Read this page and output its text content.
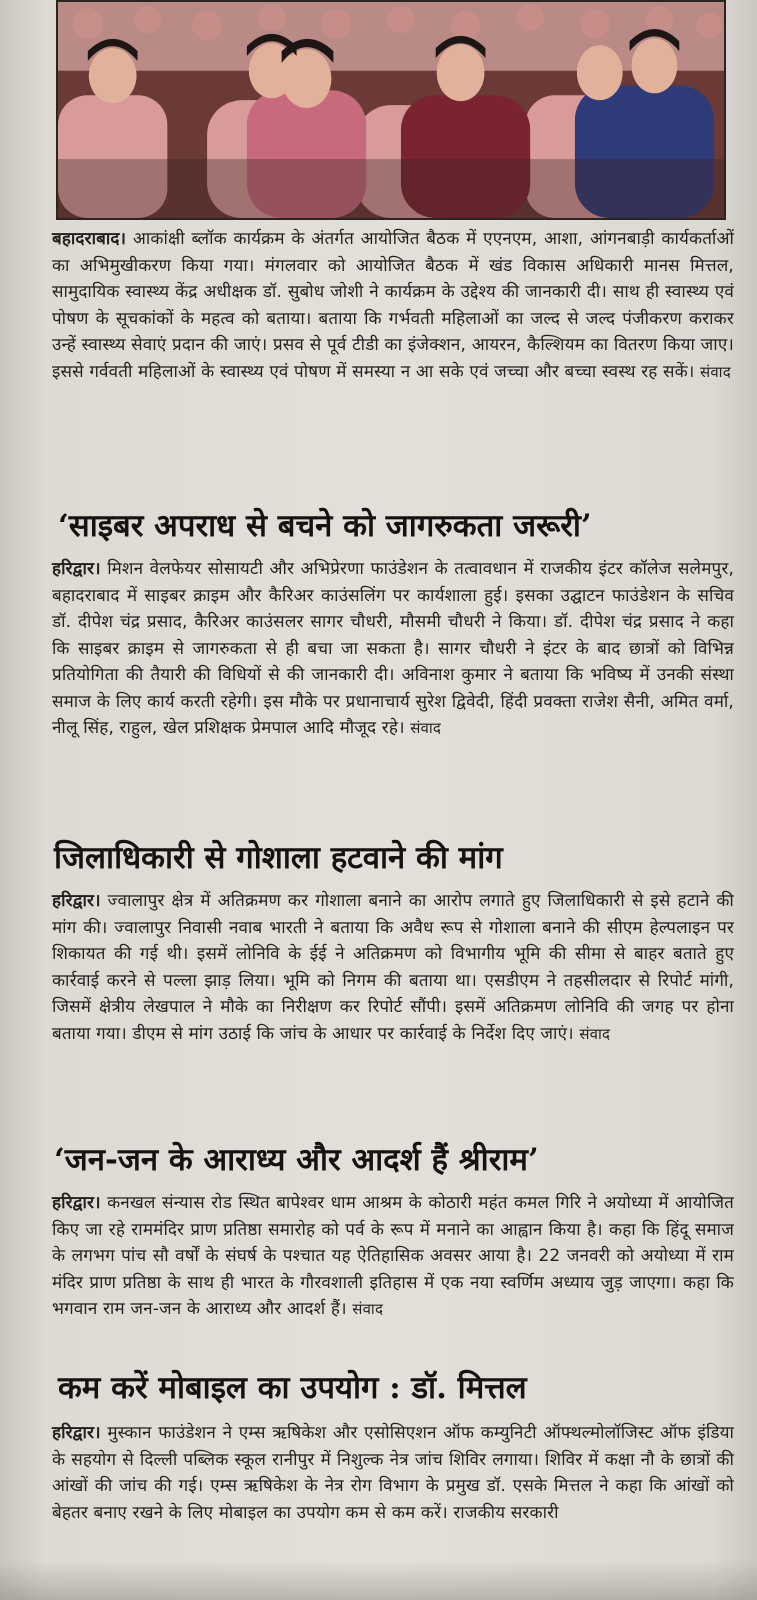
बहादराबाद। आकांक्षी ब्लॉक कार्यक्रम के अंतर्गत आयोजित बैठक में एएनएम, आशा, आंगनबाड़ी कार्यकर्ताओं का अभिमुखीकरण किया गया। मंगलवार को आयोजित बैठक में खंड विकास अधिकारी मानस मित्तल, सामुदायिक स्वास्थ्य केंद्र अधीक्षक डॉ. सुबोध जोशी ने कार्यक्रम के उद्देश्य की जानकारी दी। साथ ही स्वास्थ्य एवं पोषण के सूचकांकों के महत्व को बताया। बताया कि गर्भवती महिलाओं का जल्द से जल्द पंजीकरण कराकर उन्हें स्वास्थ्य सेवाएं प्रदान की जाएं। प्रसव से पूर्व टीडी का इंजेक्शन, आयरन, कैल्शियम का वितरण किया जाए। इससे गर्ववती महिलाओं के स्वास्थ्य एवं पोषण में समस्या न आ सके एवं जच्चा और बच्चा स्वस्थ रह सकें। संवाद

‘साइबर अपराध से बचने को जागरुकता जरूरी’

हरिद्वार। मिशन वेलफेयर सोसायटी और अभिप्रेरणा फाउंडेशन के तत्वावधान में राजकीय इंटर कॉलेज सलेमपुर, बहादराबाद में साइबर क्राइम और कैरिअर काउंसलिंग पर कार्यशाला हुई। इसका उद्घाटन फाउंडेशन के सचिव डॉ. दीपेश चंद्र प्रसाद, कैरिअर काउंसलर सागर चौधरी, मौसमी चौधरी ने किया। डॉ. दीपेश चंद्र प्रसाद ने कहा कि साइबर क्राइम से जागरुकता से ही बचा जा सकता है। सागर चौधरी ने इंटर के बाद छात्रों को विभिन्न प्रतियोगिता की तैयारी की विधियों से की जानकारी दी। अविनाश कुमार ने बताया कि भविष्य में उनकी संस्था समाज के लिए कार्य करती रहेगी। इस मौके पर प्रधानाचार्य सुरेश द्विवेदी, हिंदी प्रवक्ता राजेश सैनी, अमित वर्मा, नीलू सिंह, राहुल, खेल प्रशिक्षक प्रेमपाल आदि मौजूद रहे। संवाद

जिलाधिकारी से गोशाला हटवाने की मांग

हरिद्वार। ज्वालापुर क्षेत्र में अतिक्रमण कर गोशाला बनाने का आरोप लगाते हुए जिलाधिकारी से इसे हटाने की मांग की। ज्वालापुर निवासी नवाब भारती ने बताया कि अवैध रूप से गोशाला बनाने की सीएम हेल्पलाइन पर शिकायत की गई थी। इसमें लोनिवि के ईई ने अतिक्रमण को विभागीय भूमि की सीमा से बाहर बताते हुए कार्रवाई करने से पल्ला झाड़ लिया। भूमि को निगम की बताया था। एसडीएम ने तहसीलदार से रिपोर्ट मांगी, जिसमें क्षेत्रीय लेखपाल ने मौके का निरीक्षण कर रिपोर्ट सौंपी। इसमें अतिक्रमण लोनिवि की जगह पर होना बताया गया। डीएम से मांग उठाई कि जांच के आधार पर कार्रवाई के निर्देश दिए जाएं। संवाद

‘जन-जन के आराध्य और आदर्श हैं श्रीराम’

हरिद्वार। कनखल संन्यास रोड स्थित बापेश्वर धाम आश्रम के कोठारी महंत कमल गिरि ने अयोध्या में आयोजित किए जा रहे राममंदिर प्राण प्रतिष्ठा समारोह को पर्व के रूप में मनाने का आह्वान किया है। कहा कि हिंदू समाज के लगभग पांच सौ वर्षों के संघर्ष के पश्चात यह ऐतिहासिक अवसर आया है। 22 जनवरी को अयोध्या में राम मंदिर प्राण प्रतिष्ठा के साथ ही भारत के गौरवशाली इतिहास में एक नया स्वर्णिम अध्याय जुड़ जाएगा। कहा कि भगवान राम जन-जन के आराध्य और आदर्श हैं। संवाद

कम करें मोबाइल का उपयोग : डॉ. मित्तल

हरिद्वार। मुस्कान फाउंडेशन ने एम्स ऋषिकेश और एसोसिएशन ऑफ कम्युनिटी ऑफ्थल्मोलॉजिस्ट ऑफ इंडिया के सहयोग से दिल्ली पब्लिक स्कूल रानीपुर में निशुल्क नेत्र जांच शिविर लगाया। शिविर में कक्षा नौ के छात्रों की आंखों की जांच की गई। एम्स ऋषिकेश के नेत्र रोग विभाग के प्रमुख डॉ. एसके मित्तल ने कहा कि आंखों को बेहतर बनाए रखने के लिए मोबाइल का उपयोग कम से कम करें। राजकीय सरकारी
